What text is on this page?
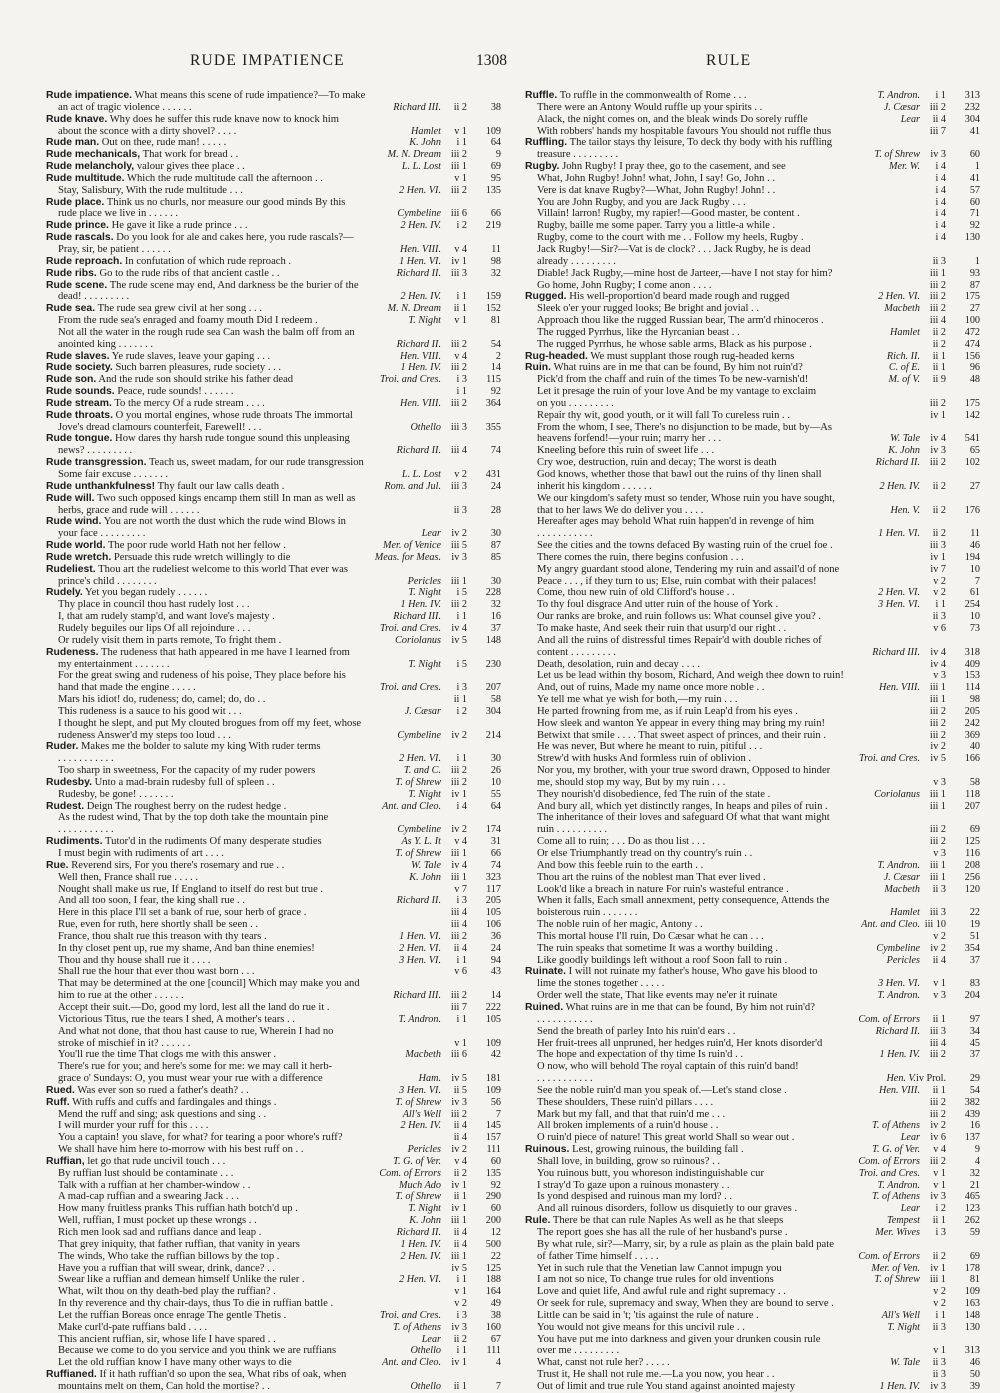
RUDE IMPATIENCE	1308	RULE
Rude impatience. What means this scene of rude impatience?—To make
an act of tragic violence . . . . . .	Richard III.	ii 2	38
Rude knave. Why does he suffer this rude knave now to knock him
about the sconce with a dirty shovel? . . . .	Hamlet	v 1	109
Rude man. Out on thee, rude man! . . . . .	K. John	i 1	64
Rude mechanicals, That work for bread . .	M. N. Dream iii 2	9
Rude melancholy, valour gives thee place . .	L. L. Lost iii 1	69
Rude multitude. Which the rude multitude call the afternoon . .	v 1	95
Stay, Salisbury, With the rude multitude . . .	2 Hen. VI. iii 2	135
Rude place. Think us no churls, nor measure our good minds By this
rude place we live in . . . . . .	Cymbeline iii 6	66
Rude prince. He gave it like a rude prince . . .	2 Hen. IV.	i 2	219
Rude rascals. Do you look for ale and cakes here, you rude rascals?—
Pray, sir, be patient . . . . . .	Hen. VIII.	v 4	11
Rude reproach. In confutation of which rude reproach .	1 Hen. VI.	iv 1	98
Rude ribs. Go to the rude ribs of that ancient castle . .	Richard II. iii 3	32
Rude scene. The rude scene may end, And darkness be the burier of the
dead! . . . . . . . . .	2 Hen. IV.	i 1	159
Rude sea. The rude sea grew civil at her song . . .	M. N. Dream	ii 1	152
From the rude sea's enraged and foamy mouth Did I redeem .	T. Night	v 1	81
Not all the water in the rough rude sea Can wash the balm off from an
anointed king . . . . . . .	Richard II. iii 2	54
Rude slaves. Ye rude slaves, leave your gaping . . .	Hen. VIII.	v 4	2
Rude society. Such barren pleasures, rude society . . .	1 Hen. IV. iii 2	14
Rude son. And the rude son should strike his father dead	Troi. and Cres.	i 3	115
Rude sounds. Peace, rude sounds! . . . . . .	i 1	92
Rude stream. To the mercy Of a rude stream . . . .	Hen. VIII. iii 2	364
Rude throats. O you mortal engines, whose rude throats The immortal
Jove's dread clamours counterfeit, Farewell! . . .	Othello iii 3	355
Rude tongue. How dares thy harsh rude tongue sound this unpleasing
news? . . . . . . . . .	Richard II. iii 4	74
Rude transgression. Teach us, sweet madam, for our rude transgression
Some fair excuse . . . . . . .	L. L. Lost	v 2	431
Rude unthankfulness! Thy fault our law calls death .	Rom. and Jul. iii 3	24
Rude will. Two such opposed kings encamp them still In man as well as
herbs, grace and rude will . . . . . .	ii 3	28
Rude wind. You are not worth the dust which the rude wind Blows in
your face . . . . . . . . .	Lear	iv 2	30
Rude world. The poor rude world Hath not her fellow .	Mer. of Venice iii 5	87
Rude wretch. Persuade this rude wretch willingly to die	Meas. for Meas.	iv 3	85
Rudeliest. Thou art the rudeliest welcome to this world That ever was
prince's child . . . . . . . .	Pericles iii 1	30
Rudely. Yet you began rudely . . . . . .	T. Night	i 5	228
Thy place in council thou hast rudely lost . . .	1 Hen. IV. iii 2	32
I, that am rudely stamp'd, and want love's majesty .	Richard III.	i 1	16
Rudely beguiles our lips Of all rejoindure . . .	Troi. and Cres.	iv 4	37
Or rudely visit them in parts remote, To fright them .	Coriolanus	iv 5	148
Rudeness. The rudeness that hath appeared in me have I learned from
my entertainment . . . . . . .	T. Night	i 5	230
For the great swing and rudeness of his poise, They place before his
hand that made the engine . . . . .	Troi. and Cres.	i 3	207
Mars his idiot! do, rudeness; do, camel; do, do . .	ii 1	58
This rudeness is a sauce to his good wit . . .	J. Cæsar	i 2	304
I thought he slept, and put My clouted brogues from off my feet, whose
rudeness Answer'd my steps too loud . . .	Cymbeline	iv 2	214
Ruder. Makes me the bolder to salute my king With ruder terms
. . . . . . . . . . .	2 Hen. VI.	i 1	30
Too sharp in sweetness, For the capacity of my ruder powers	T. and C. iii 2	26
Rudesby. Unto a mad-brain rudesby full of spleen . .	T. of Shrew iii 2	10
Rudesby, be gone! . . . . . . .	T. Night	iv 1	55
Rudest. Deign The roughest berry on the rudest hedge .	Ant. and Cleo.	i 4	64
As the rudest wind, That by the top doth take the mountain pine
. . . . . . . . . . .	Cymbeline	iv 2	174
Rudiments. Tutor'd in the rudiments Of many desperate studies	As Y. L. It	v 4	31
I must begin with rudiments of art . . . .	T. of Shrew iii 1	66
Rue. Reverend sirs, For you there's rosemary and rue . .	W. Tale	iv 4	74
Well then, France shall rue . . . . .	K. John iii 1	323
Nought shall make us rue, If England to itself do rest but true .	v 7	117
And all too soon, I fear, the king shall rue . .	Richard II.	i 3	205
Here in this place I'll set a bank of rue, sour herb of grace .	iii 4	105
Rue, even for ruth, here shortly shall be seen . .	iii 4	106
France, thou shalt rue this treason with thy tears .	1 Hen. VI. iii 2	36
In thy closet pent up, rue my shame, And ban thine enemies!	2 Hen. VI.	ii 4	24
Thou and thy house shall rue it . . . .	3 Hen. VI.	i 1	94
Shall rue the hour that ever thou wast born . . .	v 6	43
That may be determined at the one [council] Which may make you and
him to rue at the other . . . . . .	Richard III. iii 2	14
Accept their suit.—Do, good my lord, lest all the land do rue it .	iii 7	222
Victorious Titus, rue the tears I shed, A mother's tears . .	T. Andron.	i 1	105
And what not done, that thou hast cause to rue, Wherein I had no
stroke of mischief in it? . . . . . .	v 1	109
You'll rue the time That clogs me with this answer .	Macbeth iii 6	42
There's rue for you; and here's some for me: we may call it herb-
grace o' Sundays: O, you must wear your rue with a difference	Ham.	iv 5	181
Rued. Was ever son so rued a father's death? . .	3 Hen. VI.	ii 5	109
Ruff. With ruffs and cuffs and fardingales and things .	T. of Shrew	iv 3	56
Mend the ruff and sing; ask questions and sing . .	All's Well iii 2	7
I will murder your ruff for this . . . .	2 Hen. IV.	ii 4	145
You a captain! you slave, for what? for tearing a poor whore's ruff?	ii 4	157
We shall have him here to-morrow with his best ruff on . .	Pericles	iv 2	111
Ruffian, let go that rude uncivil touch . . .	T. G. of Ver.	v 4	60
By ruffian lust should be contaminate . . .	Com. of Errors	ii 2	135
Talk with a ruffian at her chamber-window . .	Much Ado	iv 1	92
A mad-cap ruffian and a swearing Jack . . .	T. of Shrew	ii 1	290
How many fruitless pranks This ruffian hath botch'd up .	T. Night	iv 1	60
Well, ruffian, I must pocket up these wrongs . .	K. John iii 1	200
Rich men look sad and ruffians dance and leap .	Richard II.	ii 4	12
That grey iniquity, that father ruffian, that vanity in years	1 Hen. IV.	ii 4	500
The winds, Who take the ruffian billows by the top .	2 Hen. IV. iii 1	22
Have you a ruffian that will swear, drink, dance? . .	iv 5	125
Swear like a ruffian and demean himself Unlike the ruler .	2 Hen. VI.	i 1	188
What, wilt thou on thy death-bed play the ruffian? .	v 1	164
In thy reverence and thy chair-days, thus To die in ruffian battle .	v 2	49
Let the ruffian Boreas once enrage The gentle Thetis .	Troi. and Cres.	i 3	38
Make curl'd-pate ruffians bald . . . .	T. of Athens	iv 3	160
This ancient ruffian, sir, whose life I have spared . .	Lear	ii 2	67
Because we come to do you service and you think we are ruffians	Othello	i 1	111
Let the old ruffian know I have many other ways to die	Ant. and Cleo.	iv 1	4
Ruffianed. If it hath ruffian'd so upon the sea, What ribs of oak, when
mountains melt on them, Can hold the mortise? . .	Othello	ii 1	7
Ruffle. To ruffle in the commonwealth of Rome . . .	T. Andron.	i 1	313
There were an Antony Would ruffle up your spirits . .	J. Cæsar iii 2	232
Alack, the night comes on, and the bleak winds Do sorely ruffle	Lear	ii 4	304
With robbers' hands my hospitable favours You should not ruffle thus	iii 7	41
Ruffling. The tailor stays thy leisure, To deck thy body with his ruffling
treasure . . . . . . . . .	T. of Shrew	iv 3	60
Rugby. John Rugby! I pray thee, go to the casement, and see	Mer. W.	i 4	1
What, John Rugby! John! what, John, I say! Go, John . .	i 4	41
Vere is dat knave Rugby?—What, John Rugby! John! . .	i 4	57
You are John Rugby, and you are Jack Rugby . . .	i 4	60
Villain! larron! Rugby, my rapier!—Good master, be content .	i 4	71
Rugby, baille me some paper. Tarry you a little-a while .	i 4	92
Rugby, come to the court with me . . Follow my heels, Rugby .	i 4	130
Jack Rugby!—Sir?—Vat is de clock? . . . Jack Rugby, he is dead
already . . . . . . . . .	ii 3	1
Diable! Jack Rugby,—mine host de Jarteer,—have I not stay for him?	iii 1	93
Go home, John Rugby; I come anon . . . .	iii 2	87
Rugged. His well-proportion'd beard made rough and rugged	2 Hen. VI. iii 2	175
Sleek o'er your rugged looks; Be bright and jovial . .	Macbeth iii 2	27
Approach thou like the rugged Russian bear, The arm'd rhinoceros .	iii 4	100
The rugged Pyrrhus, like the Hyrcanian beast . .	Hamlet	ii 2	472
The rugged Pyrrhus, he whose sable arms, Black as his purpose .	ii 2	474
Rug-headed. We must supplant those rough rug-headed kerns	Rich. II.	ii 1	156
Ruin. What ruins are in me that can be found, By him not ruin'd?	C. of E.	ii 1	96
Pick'd from the chaff and ruin of the times To be new-varnish'd!	M. of V.	ii 9	48
Let it presage the ruin of your love And be my vantage to exclaim
on you . . . . . . . . .	iii 2	175
Repair thy wit, good youth, or it will fall To cureless ruin . .	iv 1	142
From the whom, I see, There's no disjunction to be made, but by—As
heavens forfend!—your ruin; marry her . . .	W. Tale	iv 4	541
Kneeling before this ruin of sweet life . . .	K. John	iv 3	65
Cry woe, destruction, ruin and decay; The worst is death	Richard II. iii 2	102
God knows, whether those that bawl out the ruins of thy linen shall
inherit his kingdom . . . . . .	2 Hen. IV.	ii 2	27
We our kingdom's safety must so tender, Whose ruin you have sought,
that to her laws We do deliver you . . . .	Hen. V.	ii 2	176
Hereafter ages may behold What ruin happen'd in revenge of him
. . . . . . . . . . .	1 Hen. VI.	ii 2	11
See the cities and the towns defaced By wasting ruin of the cruel foe .	iii 3	46
There comes the ruin, there begins confusion . . .	iv 1	194
My angry guardant stood alone, Tendering my ruin and assail'd of none	iv 7	10
Peace . . . , if they turn to us; Else, ruin combat with their palaces!	v 2	7
Come, thou new ruin of old Clifford's house . .	2 Hen. VI.	v 2	61
To thy foul disgrace And utter ruin of the house of York .	3 Hen. VI.	i 1	254
Our ranks are broke, and ruin follows us: What counsel give you? .	ii 3	10
To make haste, And seek their ruin that usurp'd our right . .	v 6	73
And all the ruins of distressful times Repair'd with double riches of
content . . . . . . . . .	Richard III.	iv 4	318
Death, desolation, ruin and decay . . . .	iv 4	409
Let us be lead within thy bosom, Richard, And weigh thee down to ruin!	v 3	153
And, out of ruins, Made my name once more noble . .	Hen. VIII. iii 1	114
Ye tell me what ye wish for both,—my ruin . . .	iii 1	98
He parted frowning from me, as if ruin Leap'd from his eyes .	iii 2	205
How sleek and wanton Ye appear in every thing may bring my ruin!	iii 2	242
Betwixt that smile . . . . That sweet aspect of princes, and their ruin .	iii 2	369
He was never, But where he meant to ruin, pitiful . . .	iv 2	40
Strew'd with husks And formless ruin of oblivion .	Troi. and Cres.	iv 5	166
Nor you, my brother, with your true sword drawn, Opposed to hinder
me, should stop my way, But by my ruin . . .	v 3	58
They nourish'd disobedience, fed The ruin of the state .	Coriolanus iii 1	118
And bury all, which yet distinctly ranges, In heaps and piles of ruin .	iii 1	207
The inheritance of their loves and safeguard Of what that want might
ruin . . . . . . . . . .	iii 2	69
Come all to ruin; . . . Do as thou list . . .	iii 2	125
Or else Triumphantly tread on thy country's ruin . .	v 3	116
And bow this feeble ruin to the earth . .	T. Andron. iii 1	208
Thou art the ruins of the noblest man That ever lived .	J. Cæsar iii 1	256
Look'd like a breach in nature For ruin's wasteful entrance .	Macbeth	ii 3	120
When it falls, Each small annexment, petty consequence, Attends the
boisterous ruin . . . . . . .	Hamlet iii 3	22
The noble ruin of her magic, Antony . .	Ant. and Cleo. iii 10	19
This mortal house I'll ruin, Do Cæsar what he can . . .	v 2	51
The ruin speaks that sometime It was a worthy building .	Cymbeline	iv 2	354
Like goodly buildings left without a roof Soon fall to ruin .	Pericles	ii 4	37
Ruinate. I will not ruinate my father's house, Who gave his blood to
lime the stones together . . . . .	3 Hen. VI.	v 1	83
Order well the state, That like events may ne'er it ruinate	T. Andron.	v 3	204
Ruined. What ruins are in me that can be found, By him not ruin'd?
. . . . . . . . . . .	Com. of Errors	ii 1	97
Send the breath of parley Into his ruin'd ears . .	Richard II. iii 3	34
Her fruit-trees all unpruned, her hedges ruin'd, Her knots disorder'd	iii 4	45
The hope and expectation of thy time Is ruin'd . .	1 Hen. IV. iii 2	37
O now, who will behold The royal captain of this ruin'd band!
. . . . . . . . . . .	Hen. V. iv Prol.	29
See the noble ruin'd man you speak of.—Let's stand close .	Hen. VIII.	ii 1	54
These shoulders, These ruin'd pillars . . . .	iii 2	382
Mark but my fall, and that that ruin'd me . . .	iii 2	439
All broken implements of a ruin'd house . .	T. of Athens	iv 2	16
O ruin'd piece of nature! This great world Shall so wear out .	Lear	iv 6	137
Ruinous. Lest, growing ruinous, the building fall .	T. G. of Ver.	v 4	9
Shall love, in building, grow so ruinous? . .	Com. of Errors iii 2	4
You ruinous butt, you whoreson indistinguishable cur	Troi. and Cres.	v 1	32
I stray'd To gaze upon a ruinous monastery . .	T. Andron.	v 1	21
Is yond despised and ruinous man my lord? . .	T. of Athens	iv 3	465
And all ruinous disorders, follow us disquietly to our graves .	Lear	i 2	123
Rule. There be that can rule Naples As well as he that sleeps	Tempest	ii 1	262
The report goes she has all the rule of her husband's purse .	Mer. Wives	i 3	59
By what rule, sir?—Marry, sir, by a rule as plain as the plain bald pate
of father Time himself . . . . .	Com. of Errors	ii 2	69
Yet in such rule that the Venetian law Cannot impugn you	Mer. of Ven.	iv 1	178
I am not so nice, To change true rules for old inventions	T. of Shrew iii 1	81
Love and quiet life, And awful rule and right supremacy . .	v 2	109
Or seek for rule, supremacy and sway, When they are bound to serve .	v 2	163
Little can be said in 't; 'tis against the rule of nature .	All's Well	i 1	148
You would not give means for this uncivil rule . .	T. Night	ii 3	130
You have put me into darkness and given your drunken cousin rule
over me . . . . . . . . .	v 1	313
What, canst not rule her? . . . . .	W. Tale	ii 3	46
Trust it, He shall not rule me.—La you now, you hear . .	ii 3	50
Out of limit and true rule You stand against anointed majesty	1 Hen. IV.	iv 3	39
